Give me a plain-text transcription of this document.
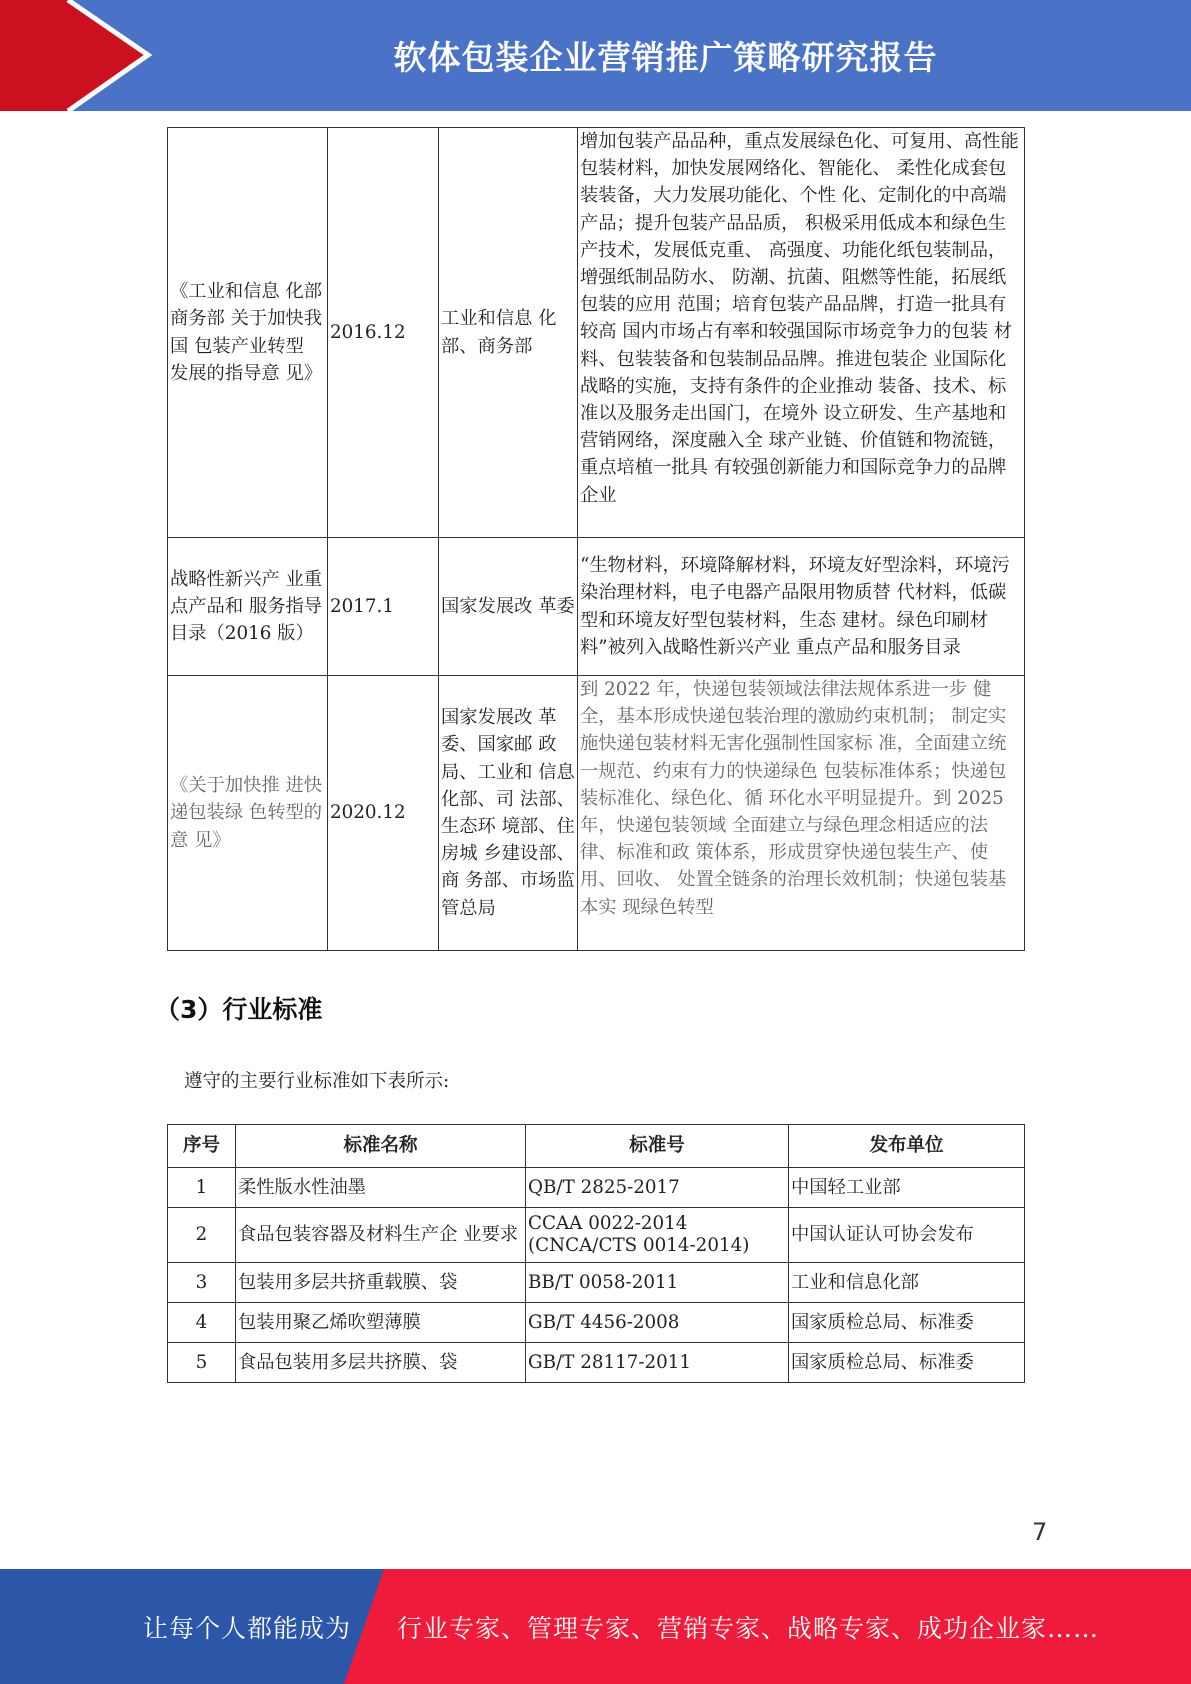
软体包装企业营销推广策略研究报告
《工业和信息 化部商务部 关于加快我国 包装产业转型 发展的指导意 见》	2016.12	工业和信息 化部、商务部	增加包装产品品种，重点发展绿色化、可复用、高性能包装材料，加快发展网络化、智能化、 柔性化成套包装装备，大力发展功能化、个性 化、定制化的中高端产品；提升包装产品品质， 积极采用低成本和绿色生产技术，发展低克重、 高强度、功能化纸包装制品，增强纸制品防水、 防潮、抗菌、阻燃等性能，拓展纸包装的应用 范围；培育包装产品品牌，打造一批具有较高 国内市场占有率和较强国际市场竞争力的包装 材料、包装装备和包装制品品牌。推进包装企 业国际化战略的实施，支持有条件的企业推动 装备、技术、标准以及服务走出国门，在境外 设立研发、生产基地和营销网络，深度融入全 球产业链、价值链和物流链，重点培植一批具 有较强创新能力和国际竞争力的品牌企业
战略性新兴产 业重点产品和 服务指导目录（2016 版）	2017.1	国家发展改 革委	“生物材料，环境降解材料，环境友好型涂料，环境污染治理材料，电子电器产品限用物质替 代材料，低碳型和环境友好型包装材料，生态 建材。绿色印刷材料”被列入战略性新兴产业 重点产品和服务目录
《关于加快推 进快递包装绿 色转型的意 见》	2020.12	国家发展改 革委、国家邮 政局、工业和 信息化部、司 法部、生态环 境部、住房城 乡建设部、商 务部、市场监 管总局	到 2022 年，快递包装领域法律法规体系进一步 健全，基本形成快递包装治理的激励约束机制； 制定实施快递包装材料无害化强制性国家标 准，全面建立统一规范、约束有力的快递绿色 包装标准体系；快递包装标准化、绿色化、循 环化水平明显提升。到 2025 年，快递包装领域 全面建立与绿色理念相适应的法律、标准和政 策体系，形成贯穿快递包装生产、使用、回收、 处置全链条的治理长效机制；快递包装基本实 现绿色转型
（3）行业标准
遵守的主要行业标准如下表所示:
序号	标准名称	标准号	发布单位
1	柔性版水性油墨	QB/T 2825-2017	中国轻工业部
2	食品包装容器及材料生产企 业要求	CCAA 0022-2014 (CNCA/CTS 0014-2014)	中国认证认可协会发布
3	包装用多层共挤重载膜、袋	BB/T 0058-2011	工业和信息化部
4	包装用聚乙烯吹塑薄膜	GB/T 4456-2008	国家质检总局、标准委
5	食品包装用多层共挤膜、袋	GB/T 28117-2011	国家质检总局、标准委
7
让每个人都能成为 行业专家、管理专家、营销专家、战略专家、成功企业家……
